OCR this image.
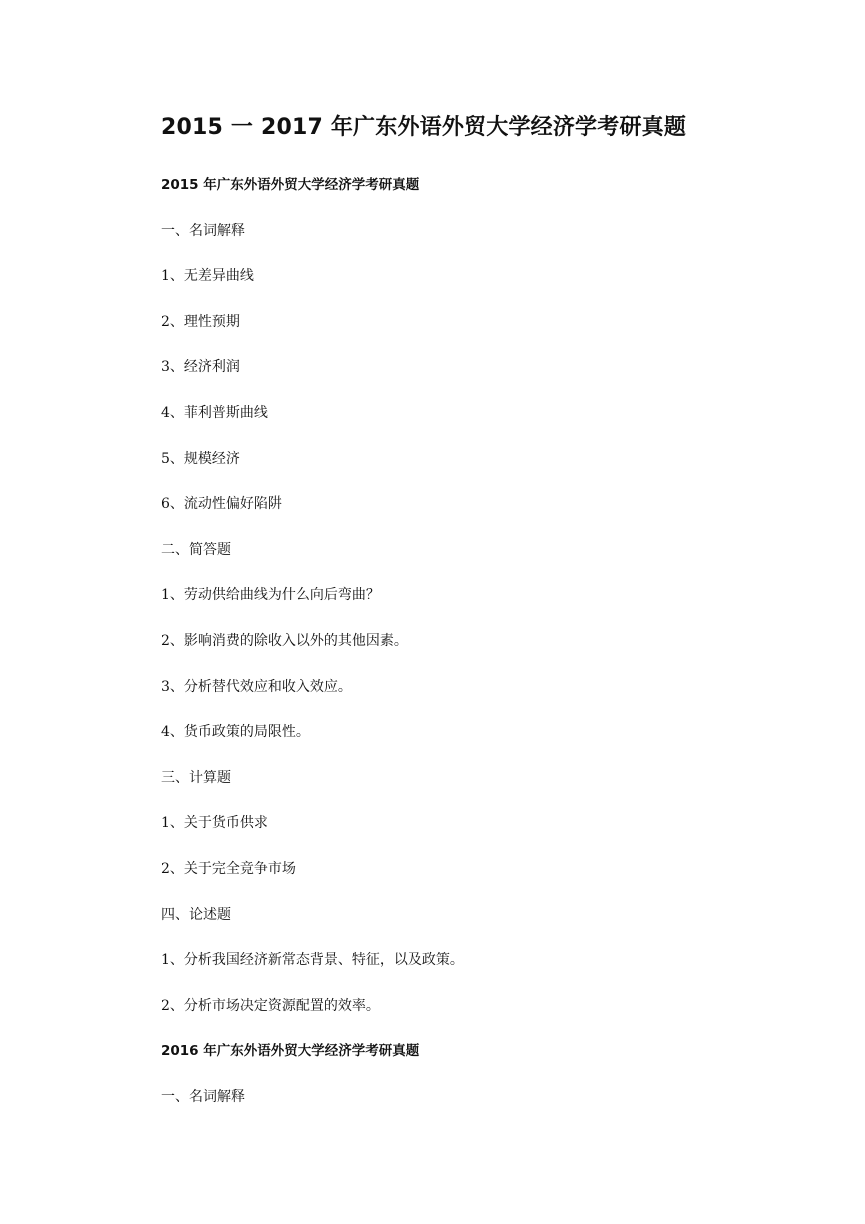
2015 一 2017 年广东外语外贸大学经济学考研真题
2015 年广东外语外贸大学经济学考研真题
一、名词解释
1、无差异曲线
2、理性预期
3、经济利润
4、菲利普斯曲线
5、规模经济
6、流动性偏好陷阱
二、简答题
1、劳动供给曲线为什么向后弯曲？
2、影响消费的除收入以外的其他因素。
3、分析替代效应和收入效应。
4、货币政策的局限性。
三、计算题
1、关于货币供求
2、关于完全竞争市场
四、论述题
1、分析我国经济新常态背景、特征，以及政策。
2、分析市场决定资源配置的效率。
2016 年广东外语外贸大学经济学考研真题
一、名词解释
